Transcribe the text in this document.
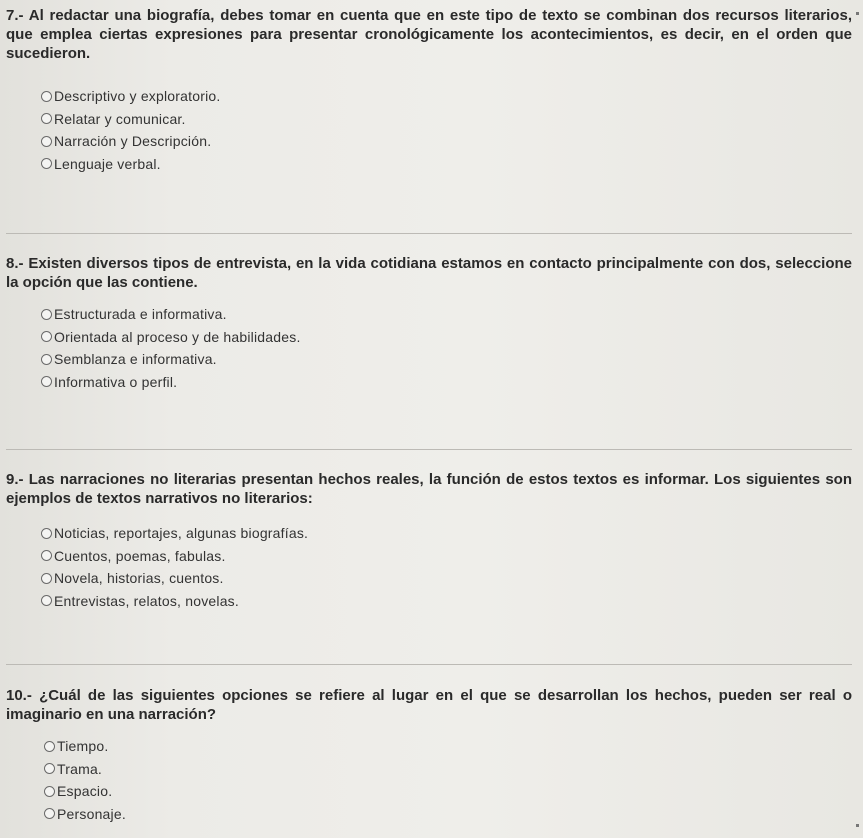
7.- Al redactar una biografía, debes tomar en cuenta que en este tipo de texto se combinan dos recursos literarios, que emplea ciertas expresiones para presentar cronológicamente los acontecimientos, es decir, en el orden que sucedieron.

Descriptivo y exploratorio.
Relatar y comunicar.
Narración y Descripción.
Lenguaje verbal.

8.- Existen diversos tipos de entrevista, en la vida cotidiana estamos en contacto principalmente con dos, seleccione la opción que las contiene.

Estructurada e informativa.
Orientada al proceso y de habilidades.
Semblanza e informativa.
Informativa o perfil.

9.- Las narraciones no literarias presentan hechos reales, la función de estos textos es informar. Los siguientes son ejemplos de textos narrativos no literarios:

Noticias, reportajes, algunas biografías.
Cuentos, poemas, fabulas.
Novela, historias, cuentos.
Entrevistas, relatos, novelas.

10.- ¿Cuál de las siguientes opciones se refiere al lugar en el que se desarrollan los hechos, pueden ser real o imaginario en una narración?

Tiempo.
Trama.
Espacio.
Personaje.
